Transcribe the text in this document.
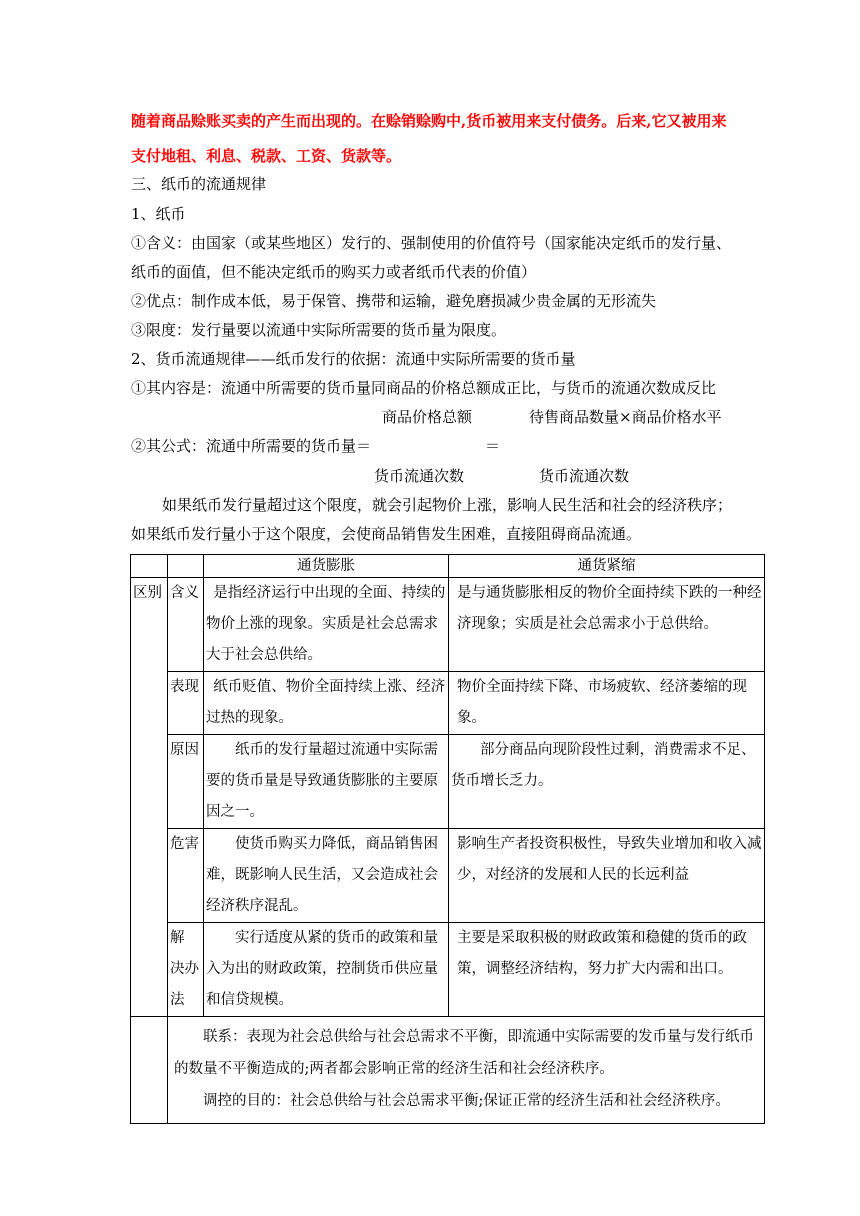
随着商品赊账买卖的产生而出现的。在赊销赊购中,货币被用来支付债务。后来,它又被用来
支付地租、利息、税款、工资、货款等。
三、纸币的流通规律
1、纸币
①含义：由国家（或某些地区）发行的、强制使用的价值符号（国家能决定纸币的发行量、
纸币的面值，但不能决定纸币的购买力或者纸币代表的价值）
②优点：制作成本低，易于保管、携带和运输，避免磨损减少贵金属的无形流失
③限度：发行量要以流通中实际所需要的货币量为限度。
2、货币流通规律——纸币发行的依据：流通中实际所需要的货币量
①其内容是：流通中所需要的货币量同商品的价格总额成正比，与货币的流通次数成反比
商品价格总额	待售商品数量×商品价格水平
②其公式：流通中所需要的货币量＝	＝
货币流通次数	货币流通次数
如果纸币发行量超过这个限度，就会引起物价上涨，影响人民生活和社会的经济秩序；
如果纸币发行量小于这个限度，会使商品销售发生困难，直接阻碍商品流通。
		通货膨胀	通货紧缩
区别	含义	是指经济运行中出现的全面、持续的物价上涨的现象。实质是社会总需求大于社会总供给。	是与通货膨胀相反的物价全面持续下跌的一种经济现象；实质是社会总需求小于总供给。
	表现	纸币贬值、物价全面持续上涨、经济过热的现象。	物价全面持续下降、市场疲软、经济萎缩的现象。
	原因	纸币的发行量超过流通中实际需要的货币量是导致通货膨胀的主要原因之一。	部分商品向现阶段性过剩，消费需求不足、货币增长乏力。
	危害	使货币购买力降低，商品销售困难，既影响人民生活，又会造成社会经济秩序混乱。	影响生产者投资积极性，导致失业增加和收入减少，对经济的发展和人民的长远利益
	解 决办法	实行适度从紧的货币的政策和量入为出的财政政策，控制货币供应量和信贷规模。	主要是采取积极的财政政策和稳健的货币的政策，调整经济结构，努力扩大内需和出口。

	联系：表现为社会总供给与社会总需求不平衡，即流通中实际需要的发币量与发行纸币的数量不平衡造成的;两者都会影响正常的经济生活和社会经济秩序。
调控的目的：社会总供给与社会总需求平衡;保证正常的经济生活和社会经济秩序。		
